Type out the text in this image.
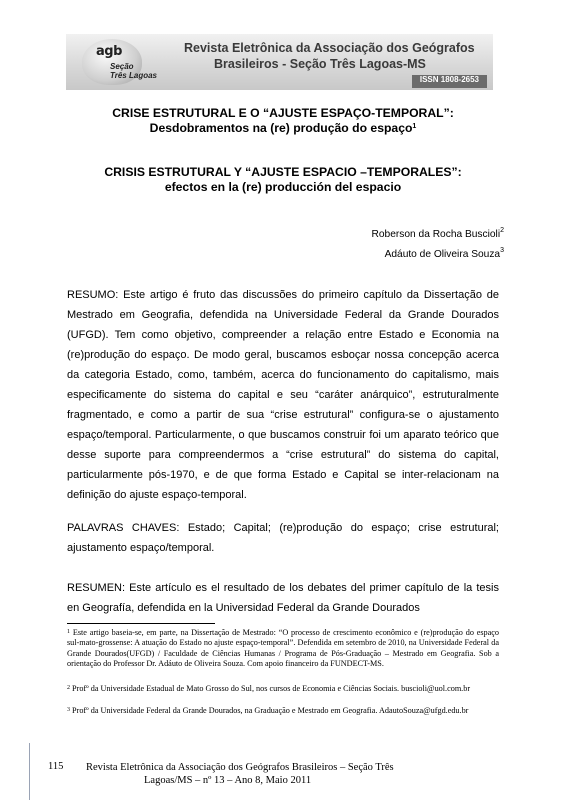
agb
Seção
Três Lagoas
Revista Eletrônica da Associação dos Geógrafos
Brasileiros - Seção Três Lagoas-MS
ISSN 1808-2653
CRISE ESTRUTURAL E O “AJUSTE ESPAÇO-TEMPORAL”:
Desdobramentos na (re) produção do espaço$^1$
CRISIS ESTRUTURAL Y “AJUSTE ESPACIO –TEMPORALES”:
efectos en la (re) producción del espacio
Roberson da Rocha Buscioli$^2$
Adáuto de Oliveira Souza$^3$
RESUMO: Este artigo é fruto das discussões do primeiro capítulo da Dissertação de Mestrado em Geografia, defendida na Universidade Federal da Grande Dourados (UFGD). Tem como objetivo, compreender a relação entre Estado e Economia na (re)produção do espaço. De modo geral, buscamos esboçar nossa concepção acerca da categoria Estado, como, também, acerca do funcionamento do capitalismo, mais especificamente do sistema do capital e seu “caráter anárquico”, estruturalmente fragmentado, e como a partir de sua “crise estrutural” configura-se o ajustamento espaço/temporal. Particularmente, o que buscamos construir foi um aparato teórico que desse suporte para compreendermos a “crise estrutural” do sistema do capital, particularmente pós-1970, e de que forma Estado e Capital se inter-relacionam na definição do ajuste espaço-temporal.
PALAVRAS CHAVES: Estado; Capital; (re)produção do espaço; crise estrutural; ajustamento espaço/temporal.
RESUMEN: Este artículo es el resultado de los debates del primer capítulo de la tesis en Geografía, defendida en la Universidad Federal da Grande Dourados
$^1$ Este artigo baseia-se, em parte, na Dissertação de Mestrado: “O processo de crescimento econômico e (re)produção do espaço sul-mato-grossense: A atuação do Estado no ajuste espaço-temporal”. Defendida em setembro de 2010, na Universidade Federal da Grande Dourados(UFGD) / Faculdade de Ciências Humanas / Programa de Pós-Graduação – Mestrado em Geografia. Sob a orientação do Professor Dr. Adáuto de Oliveira Souza. Com apoio financeiro da FUNDECT-MS.
$^2$ Profº da Universidade Estadual de Mato Grosso do Sul, nos cursos de Economia e Ciências Sociais. buscioli@uol.com.br
$^3$ Profº da Universidade Federal da Grande Dourados, na Graduação e Mestrado em Geografia. AdautoSouza@ufgd.edu.br
115 Revista Eletrônica da Associação dos Geógrafos Brasileiros – Seção Três
Lagoas/MS – nº 13 – Ano 8, Maio 2011
